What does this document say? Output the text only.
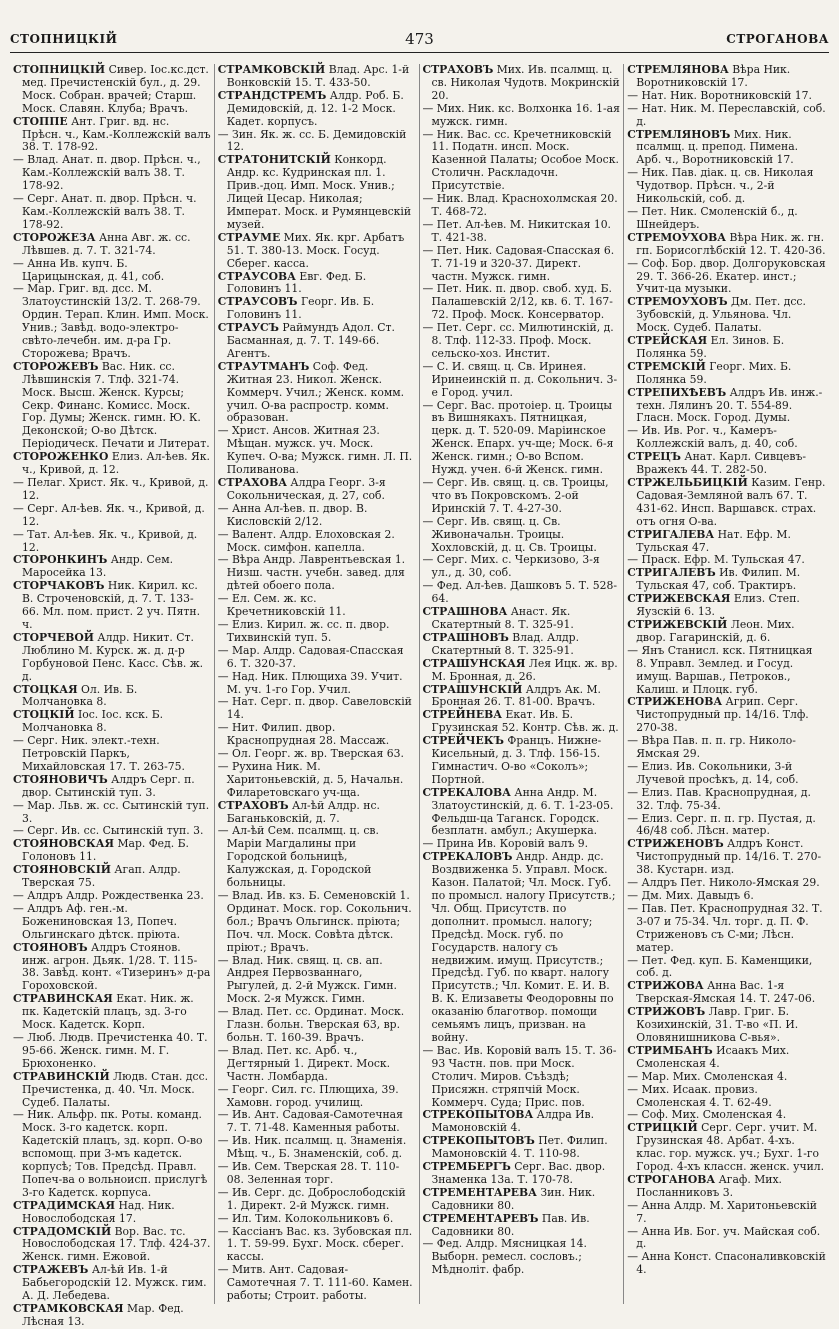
СТОПНИЦКІЙ	473	СТРОГАНОВА

СТОПНИЦКІЙ Сивер. Іос.кс.дст. мед. Пречистенскій бул., д. 29. Моск. Собран. врачей; Старш. Моск. Славян. Клуба; Врачъ.

СТОППЕ Ант. Григ. вд. нс. Прѣсн. ч., Кам.-Коллежскій валъ 38. Т. 178-92.

— Влад. Анат. п. двор. Прѣсн. ч., Кам.-Коллежскій валъ 38. Т. 178-92.

— Серг. Анат. п. двор. Прѣсн. ч. Кам.-Коллежскій валъ 38. Т. 178-92.

СТОРОЖЕЗА Анна Авг. ж. сс. Лѣвшев. д. 7. Т. 321-74.

— Анна Ив. купч. Б. Царицынская, д. 41, соб.

— Мар. Григ. вд. дсс. М. Златоустинскій 13/2. Т. 268-79. Ордин. Терап. Клин. Имп. Моск. Унив.; Завѣд. водо-электро-свѣто-лечебн. им. д-ра Гр. Сторожева; Врачъ.

СТОРОЖЕВЪ Вас. Ник. сс. Лѣвшинскія 7. Тлф. 321-74. Моск. Высш. Женск. Курсы; Секр. Финанс. Комисс. Моск. Гор. Думы; Женск. гимн. Ю. К. Деконской; О-во Дѣтск. Періодическ. Печати и Литерат.

СТОРОЖЕНКО Елиз. Ал-ѣев. Як. ч., Кривой, д. 12.

— Пелаг. Христ. Як. ч., Кривой, д. 12.

— Серг. Ал-ѣев. Як. ч., Кривой, д. 12.

— Тат. Ал-ѣев. Як. ч., Кривой, д. 12.

СТОРОНКИНЪ Андр. Сем. Маросейка 13.

СТОРЧАКОВЪ Ник. Кирил. кс. В. Строченовскій, д. 7. Т. 133-66. Мл. пом. прист. 2 уч. Пятн. ч.

СТОРЧЕВОЙ Алдр. Никит. Ст. Люблино М. Курск. ж. д. д-р Горбуновой Пенс. Касс. Сѣв. ж. д.

СТОЦКАЯ Ол. Ив. Б. Молчановка 8.

СТОЦКІЙ Іос. Іос. кск. Б. Молчановка 8.

— Серг. Ник. элект.-техн. Петровскій Паркъ, Михайловская 17. Т. 263-75.

СТОЯНОВИЧЪ Алдръ Серг. п. двор. Сытинскій туп. 3.

— Мар. Льв. ж. сс. Сытинскій туп. 3.

— Серг. Ив. сс. Сытинскій туп. 3.

СТОЯНОВСКАЯ Мар. Фед. Б. Голоновъ 11.

СТОЯНОВСКІЙ Агап. Алдр. Тверская 75.

— Алдръ Алдр. Рождественка 23.

— Алдръ Аф. ген.-м. Божениновская 13, Попеч. Ольгинскаго дѣтск. пріюта.

СТОЯНОВЪ Алдръ Стоянов. инж. агрон. Дьяк. 1/28. Т. 115-38. Завѣд. конт. «Тизеринъ» д-ра Гороховской.

СТРАВИНСКАЯ Екат. Ник. ж. пк. Кадетскій плацъ, зд. 3-го Моск. Кадетск. Корп.

— Люб. Людв. Пречистенка 40. Т. 95-66. Женск. гимн. М. Г. Брюхоненко.

СТРАВИНСКІЙ Людв. Стан. дсс. Пречистенка, д. 40. Чл. Моск. Судеб. Палаты.

— Ник. Альфр. пк. Роты. команд. Моск. 3-го кадетск. корп. Кадетскій плацъ, зд. корп. О-во вспомощ. при 3-мъ кадетск. корпусѣ; Тов. Предсѣд. Правл. Попеч-ва о вольноисп. прислугѣ 3-го Кадетск. корпуса.

СТРАДИМСКАЯ Над. Ник. Новослободская 17.

СТРАДОМСКІЙ Вор. Вас. тс. Новослободская 17. Тлф. 424-37. Женск. гимн. Ежовой.

СТРАЖЕВЪ Ал-ѣй Ив. 1-й Бабьегородскій 12. Мужск. гим. А. Д. Лебедева.

СТРАМКОВСКАЯ Мар. Фед. Лѣсная 13.

СТРАМКОВСКІЙ Влад. Арс. 1-й Вонковскій 15. Т. 433-50.

СТРАНДСТРЕМЪ Алдр. Роб. Б. Демидовскій, д. 12. 1-2 Моск. Кадет. корпусъ.

— Зин. Як. ж. сс. Б. Демидовскій 12.

СТРАТОНИТСКІЙ Конкорд. Андр. кс. Кудринская пл. 1. Прив.-доц. Имп. Моск. Унив.; Лицей Цесар. Николая; Императ. Моск. и Румянцевскій музей.

СТРАУМЕ Мих. Як. крг. Арбатъ 51. Т. 380-13. Моск. Госуд. Сберег. касса.

СТРАУСОВА Евг. Фед. Б. Головинъ 11.

СТРАУСОВЪ Георг. Ив. Б. Головинъ 11.

СТРАУСЪ Раймундъ Адол. Ст. Басманная, д. 7. Т. 149-66. Агентъ.

СТРАУТМАНЪ Соф. Фед. Житная 23. Никол. Женск. Коммерч. Учил.; Женск. комм. учил. О-ва распростр. комм. образован.

— Христ. Ансов. Житная 23. Мѣщан. мужск. уч. Моск. Купеч. О-ва; Мужск. гимн. Л. П. Поливанова.

СТРАХОВА Алдра Георг. 3-я Сокольническая, д. 27, соб.

— Анна Ал-ѣев. п. двор. В. Кисловскій 2/12.

— Валент. Алдр. Елоховская 2. Моск. симфон. капелла.

— Вѣра Андр. Лаврентьевская 1. Низш. частн. учебн. завед. для дѣтей обоего пола.

— Ел. Сем. ж. кс. Кречетниковскій 11.

— Елиз. Кирил. ж. сс. п. двор. Тихвинскій туп. 5.

— Мар. Алдр. Садовая-Спасская 6. Т. 320-37.

— Над. Ник. Плющиха 39. Учит. М. уч. 1-го Гор. Учил.

— Нат. Серг. п. двор. Савеловскій 14.

— Нит. Филип. двор. Краснопрудная 28. Массаж.

— Ол. Георг. ж. вр. Тверская 63.

— Рухина Ник. М. Харитоньевскій, д. 5, Начальн. Филаретовскаго уч-ща.

СТРАХОВЪ Ал-ѣй Алдр. нс. Баганьковскій, д. 7.

— Ал-ѣй Сем. псалмщ. ц. св. Маріи Магдалины при Городской больницѣ, Калужская, д. Городской больницы.

— Влад. Ив. кз. Б. Семеновскій 1. Ординат. Моск. гор. Сокольнич. бол.; Врачъ Ольгинск. пріюта; Поч. чл. Моск. Совѣта дѣтск. пріют.; Врачъ.

— Влад. Ник. свящ. ц. св. ап. Андрея Первозваннаго, Рыгулей, д. 2-й Мужск. Гимн. Моск. 2-я Мужск. Гимн.

— Влад. Пет. сс. Ординат. Моск. Глазн. больн. Тверская 63, вр. больн. Т. 160-39. Врачъ.

— Влад. Пет. кс. Арб. ч., Дегтярный 1. Директ. Моск. Частн. Ломбарда.

— Георг. Сил. гс. Плющиха, 39. Хамовн. город. училищ.

— Ив. Ант. Садовая-Самотечная 7. Т. 71-48. Каменныя работы.

— Ив. Ник. псалмщ. ц. Знаменія. Мѣщ. ч., Б. Знаменскій, соб. д.

— Ив. Сем. Тверская 28. Т. 110-08. Зеленная торг.

— Ив. Серг. дс. Доброслободскій 1. Директ. 2-й Мужск. гимн.

— Ил. Тим. Колокольниковъ 6.

— Кассіанъ Вас. кз. Зубовская пл. 1. Т. 59-99. Бухг. Моск. сберег. кассы.

— Митв. Ант. Садовая-Самотечная 7. Т. 111-60. Камен. работы; Строит. работы.

СТРАХОВЪ Мих. Ив. псалмщ. ц. св. Николая Чудотв. Мокринскій 20.

— Мих. Ник. кс. Волхонка 16. 1-ая мужск. гимн.

— Ник. Вас. сс. Кречетниковскій 11. Податн. инсп. Моск. Казенной Палаты; Особое Моск. Столичн. Раскладочн. Присутствіе.

— Ник. Влад. Краснохолмская 20. Т. 468-72.

— Пет. Ал-ѣев. М. Никитская 10. Т. 421-38.

— Пет. Ник. Садовая-Спасская 6. Т. 71-19 и 320-37. Директ. частн. Мужск. гимн.

— Пет. Ник. п. двор. своб. худ. Б. Палашевскій 2/12, кв. 6. Т. 167-72. Проф. Моск. Консерватор.

— Пет. Серг. сс. Милютинскій, д. 8. Тлф. 112-33. Проф. Моск. сельско-хоз. Инстит.

— С. И. свящ. ц. Св. Иринея. Иринеинскій п. д. Сокольнич. 3-е Город. учил.

— Серг. Вас. протоіер. ц. Троицы въ Вишнякахъ. Пятницкая, церк. д. Т. 520-09. Маріинское Женск. Епарх. уч-ще; Моск. 6-я Женск. гимн.; О-во Вспом. Нужд. учен. 6-й Женск. гимн.

— Серг. Ив. свящ. ц. св. Троицы, что въ Покровскомъ. 2-ой Иринскій 7. Т. 4-27-30.

— Серг. Ив. свящ. ц. Св. Живоначальн. Троицы. Хохловскій, д. ц. Св. Троицы.

— Серг. Мих. с. Черкизово, 3-я ул., д. 30, соб.

— Фед. Ал-ѣев. Дашковъ 5. Т. 528-64.

СТРАШНОВА Анаст. Як. Скатертный 8. Т. 325-91.

СТРАШНОВЪ Влад. Алдр. Скатертный 8. Т. 325-91.

СТРАШУНСКАЯ Лея Ицк. ж. вр. М. Бронная, д. 26.

СТРАШУНСКІЙ Алдръ Ак. М. Бронная 26. Т. 81-00. Врачъ.

СТРЕЙНЕВА Екат. Ив. Б. Грузинская 52. Контр. Сѣв. ж. д.

СТРЕЙЧЕКЪ Францъ. Нижне-Кисельный, д. 3. Тлф. 156-15. Гимнастич. О-во «Соколъ»; Портной.

СТРЕКАЛОВА Анна Андр. М. Златоустинскій, д. 6. Т. 1-23-05. Фельдш-ца Таганск. Городск. безплатн. амбул.; Акушерка.

— Прина Ив. Коровій валъ 9.

СТРЕКАЛОВЪ Андр. Андр. дс. Воздвиженка 5. Управл. Моск. Казон. Палатой; Чл. Моск. Губ. по промысл. налогу Присутств.; Чл. Общ. Присутств. по дополнит. промысл. налогу; Предсѣд. Моск. губ. по Государств. налогу съ недвижим. имущ. Присутств.; Предсѣд. Губ. по кварт. налогу Присутств.; Чл. Комит. Е. И. В. В. К. Елизаветы Феодоровны по оказанію благотвор. помощи семьямъ лицъ, призван. на войну.

— Вас. Ив. Коровій валъ 15. Т. 36-93 Частн. пов. при Моск. Столич. Миров. Съѣздѣ; Присяжн. стряпчій Моск. Коммерч. Суда; Прис. пов.

СТРЕКОПЫТОВА Алдра Ив. Мамоновскій 4.

СТРЕКОПЫТОВЪ Пет. Филип. Мамоновскій 4. Т. 110-98.

СТРЕМБЕРГЪ Серг. Вас. двор. Знаменка 13а. Т. 170-78.

СТРЕМЕНТАРЕВА Зин. Ник. Садовники 80.

СТРЕМЕНТАРЕВЪ Пав. Ив. Садовники 80.

— Фед. Алдр. Мясницкая 14. Выборн. ремесл. сословъ.; Мѣдноліт. фабр.

СТРЕМЛЯНОВА Вѣра Ник. Воротниковскій 17.

— Нат. Ник. Воротниковскій 17.

— Нат. Ник. М. Переславскій, соб. д.

СТРЕМЛЯНОВЪ Мих. Ник. псалмщ. ц. препод. Пимена. Арб. ч., Воротниковскій 17.

— Ник. Пав. діак. ц. св. Николая Чудотвор. Прѣсн. ч., 2-й Никольскій, соб. д.

— Пет. Ник. Смоленскій б., д. Шнейдеръ.

СТРЕМОУХОВА Вѣра Ник. ж. гн. гп. Борисоглѣбскій 12. Т. 420-36.

— Соф. Бор. двор. Долгоруковская 29. Т. 366-26. Екатер. инст.; Учит-ца музыки.

СТРЕМОУХОВЪ Дм. Пет. дсс. Зубовскій, д. Ульянова. Чл. Моск. Судеб. Палаты.

СТРЕЙСКАЯ Ел. Зинов. Б. Полянка 59.

СТРЕМСКІЙ Георг. Мих. Б. Полянка 59.

СТРЕПИХѢЕВЪ Алдръ Ив. инж.-техн. Лялинъ 20. Т. 554-89. Гласн. Моск. Город. Думы.

— Ив. Ив. Рог. ч., Камеръ-Коллежскій валъ, д. 40, соб.

СТРЕЦЪ Анат. Карл. Сивцевъ-Вражекъ 44. Т. 282-50.

СТРЖЕЛЬБИЦКІЙ Казим. Генр. Садовая-Земляной валъ 67. Т. 431-62. Инсп. Варшавск. страх. отъ огня О-ва.

СТРИГАЛЕВА Нат. Ефр. М. Тульская 47.

— Праск. Ефр. М. Тульская 47.

СТРИГАЛЕВЪ Ив. Филип. М. Тульская 47, соб. Трактиръ.

СТРИЖЕВСКАЯ Елиз. Степ. Яузскій 6. 13.

СТРИЖЕВСКІЙ Леон. Мих. двор. Гагаринскій, д. 6.

— Янъ Станисл. кск. Пятницкая 8. Управл. Землед. и Госуд. имущ. Варшав., Петроков., Калиш. и Плоцк. губ.

СТРИЖЕНОВА Агрип. Серг. Чистопрудный пр. 14/16. Тлф. 270-38.

— Вѣра Пав. п. п. гр. Николо-Ямская 29.

— Елиз. Ив. Сокольники, 3-й Лучевой просѣкъ, д. 14, соб.

— Елиз. Пав. Краснопрудная, д. 32. Тлф. 75-34.

— Елиз. Серг. п. п. гр. Пустая, д. 46/48 соб. Лѣсн. матер.

СТРИЖЕНОВЪ Алдръ Конст. Чистопрудный пр. 14/16. Т. 270-38. Кустарн. изд.

— Алдръ Пет. Николо-Ямская 29.

— Дм. Мих. Давыдъ 6.

— Пав. Пет. Краснопрудная 32. Т. 3-07 и 75-34. Чл. торг. д. П. Ф. Стриженовъ съ С-ми; Лѣсн. матер.

— Пет. Фед. куп. Б. Каменщики, соб. д.

СТРИЖОВА Анна Вас. 1-я Тверская-Ямская 14. Т. 247-06.

СТРИЖОВЪ Лавр. Григ. Б. Козихинскій, 31. Т-во «П. И. Оловянишникова С-вья».

СТРИМБАНЪ Исаакъ Мих. Смоленская 4.

— Мар. Мих. Смоленская 4.

— Мих. Исаак. провиз. Смоленская 4. Т. 62-49.

— Соф. Мих. Смоленская 4.

СТРИЦКІЙ Серг. Серг. учит. М. Грузинская 48. Арбат. 4-хъ. клас. гор. мужск. уч.; Бухг. 1-го Город. 4-хъ классн. женск. учил.

СТРОГАНОВА Агаф. Мих. Посланниковъ 3.

— Анна Алдр. М. Харитоньевскій 7.

— Анна Ив. Бог. уч. Майская соб. д.

— Анна Конст. Спасоналивковскій 4.
